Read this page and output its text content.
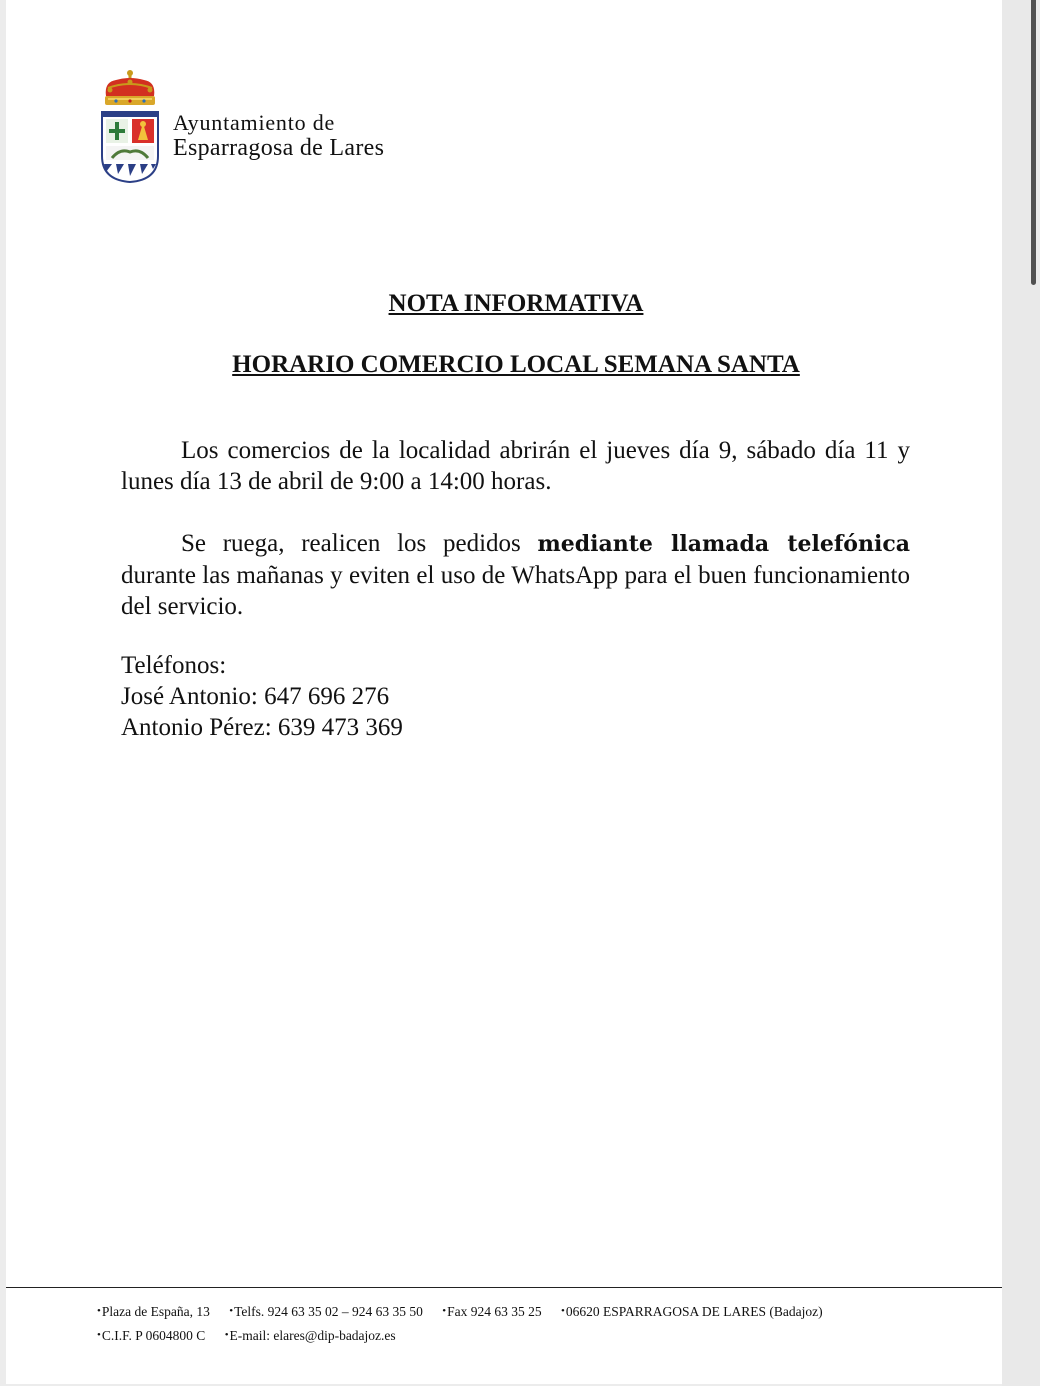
Ayuntamiento de
Esparragosa de Lares
NOTA INFORMATIVA
HORARIO COMERCIO LOCAL SEMANA SANTA

Los comercios de la localidad abrirán el jueves día 9, sábado día 11 y lunes día 13 de abril de 9:00 a 14:00 horas.

Se ruega, realicen los pedidos mediante llamada telefónica durante las mañanas y eviten el uso de WhatsApp para el buen funcionamiento del servicio.

Teléfonos:
José Antonio: 647 696 276
Antonio Pérez: 639 473 369
•Plaza de España, 13 •Telfs. 924 63 35 02 – 924 63 35 50 •Fax 924 63 35 25 •06620 ESPARRAGOSA DE LARES (Badajoz)
•C.I.F. P 0604800 C •E-mail: elares@dip-badajoz.es
